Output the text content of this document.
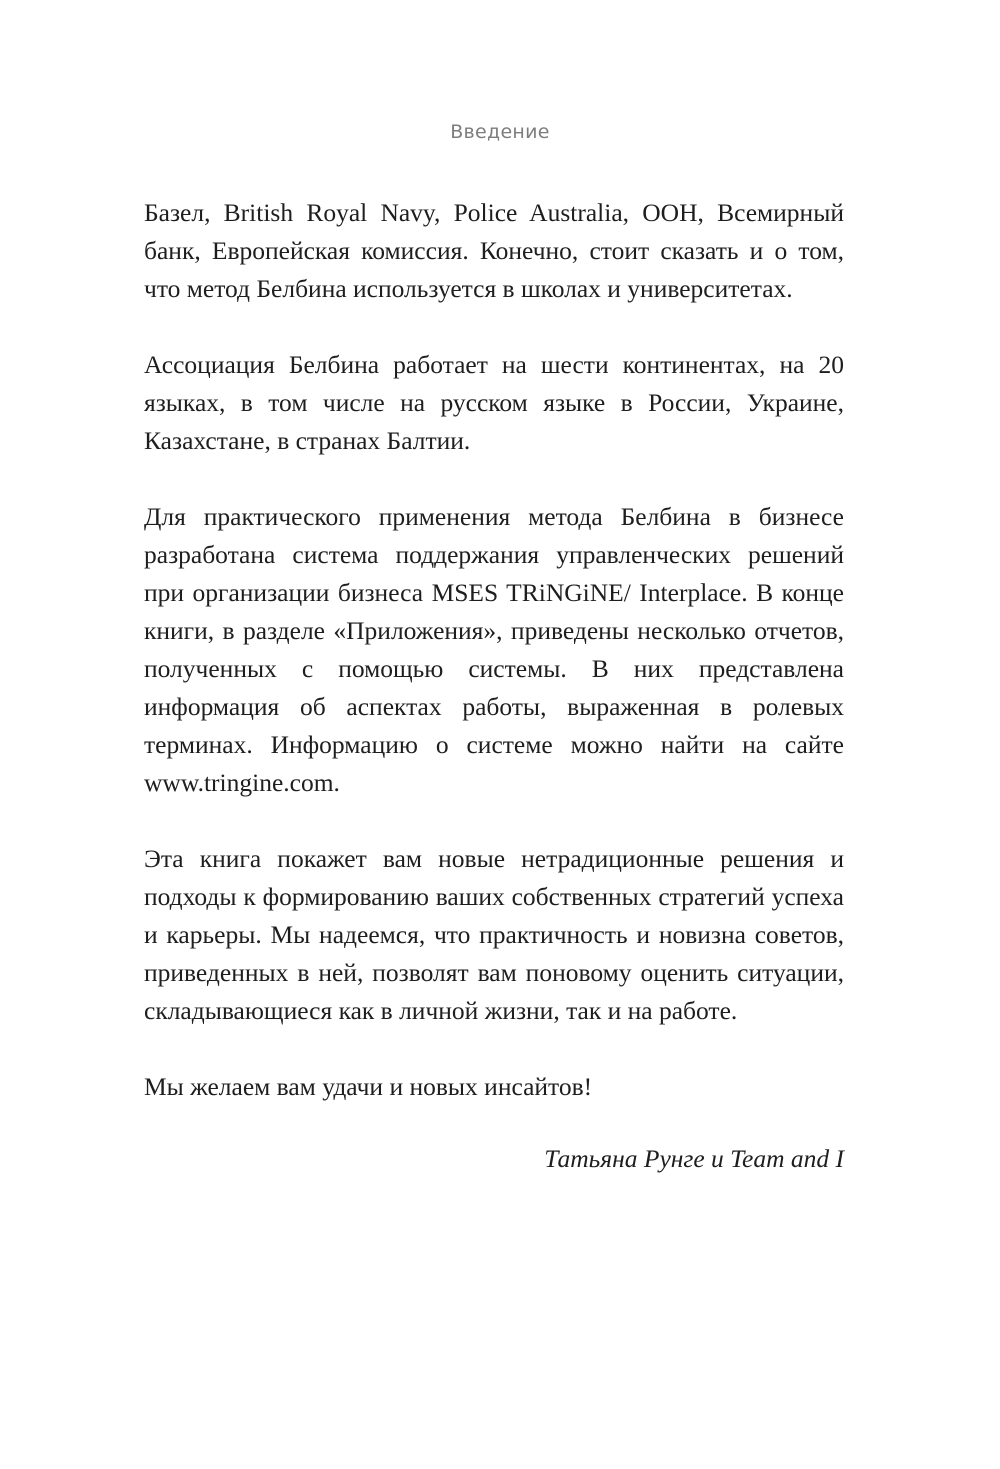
Введение

Базел, British Royal Navy, Police Australia, ООН, Всемирный банк, Европейская комиссия. Конечно, стоит сказать и о том, что метод Белбина используется в школах и университетах.

Ассоциация Белбина работает на шести континентах, на 20 языках, в том числе на русском языке в России, Украине, Казахстане, в странах Балтии.

Для практического применения метода Белбина в бизнесе разработана система поддержания управленческих решений при организации бизнеса MSES TRiNGiNE/ Interplace. В конце книги, в разделе «Приложения», приведены несколько отчетов, полученных с помощью системы. В них представлена информация об аспектах работы, выраженная в ролевых терминах. Информацию о системе можно найти на сайте www.tringine.com.

Эта книга покажет вам новые нетрадиционные решения и подходы к формированию ваших собственных стратегий успеха и карьеры. Мы надеемся, что практичность и новизна советов, приведенных в ней, позволят вам поновому оценить ситуации, складывающиеся как в личной жизни, так и на работе.

Мы желаем вам удачи и новых инсайтов!

Татьяна Рунге и Team and I
